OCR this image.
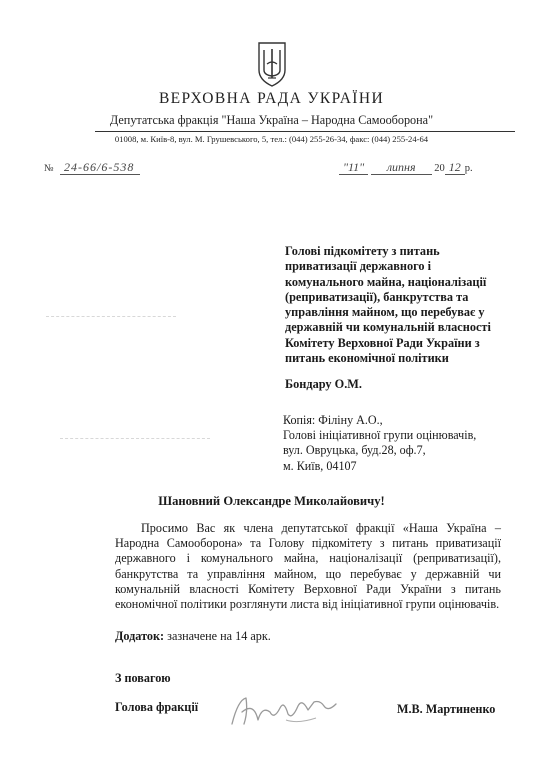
ВЕРХОВНА РАДА УКРАЇНИ
Депутатська фракція "Наша Україна – Народна Самооборона"
01008, м. Київ-8, вул. М. Грушевського, 5, тел.: (044) 255-26-34, факс: (044) 255-24-64
№ 24-66/6-538	"11" липня 20 12 р.
Голові підкомітету з питань
приватизації державного і
комунального майна, націоналізації
(реприватизації), банкрутства та
управління майном, що перебуває у
державній чи комунальній власності
Комітету Верховної Ради України з
питань економічної політики
Бондару О.М.
Копія: Філіну А.О.,
Голові ініціативної групи оцінювачів,
вул. Овруцька, буд.28, оф.7,
м. Київ, 04107
Шановний Олександре Миколайовичу!
Просимо Вас як члена депутатської фракції «Наша Україна – Народна Самооборона» та Голову підкомітету з питань приватизації державного і комунального майна, націоналізації (реприватизації), банкрутства та управління майном, що перебуває у державній чи комунальній власності Комітету Верховної Ради України з питань економічної політики розглянути листа від ініціативної групи оцінювачів.
Додаток: зазначене на 14 арк.
З повагою
Голова фракції	М.В. Мартиненко
